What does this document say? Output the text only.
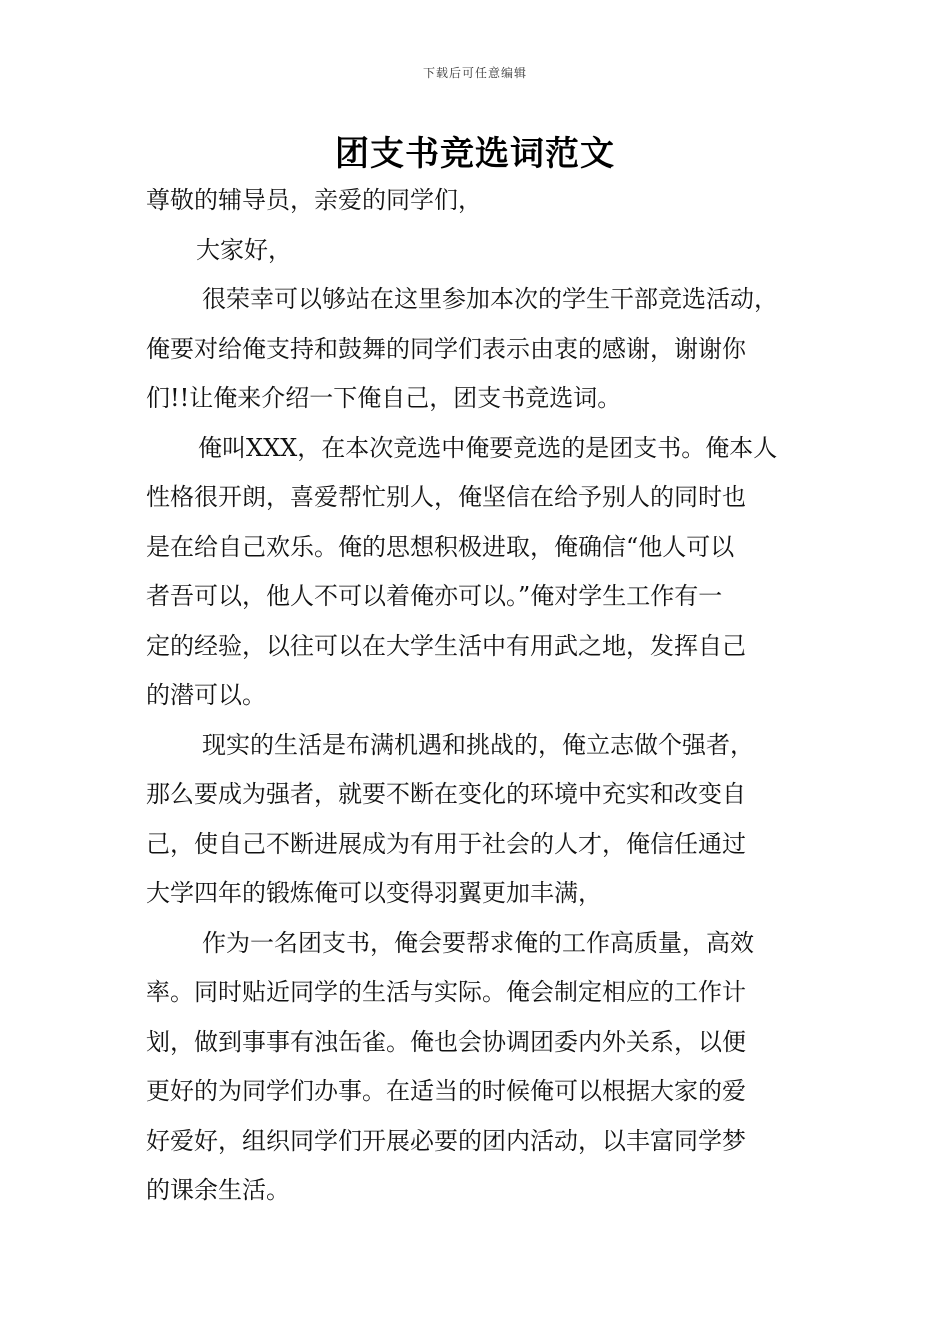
下载后可任意编辑
团支书竞选词范文
尊敬的辅导员，亲爱的同学们，
大家好，
很荣幸可以够站在这里参加本次的学生干部竞选活动，
俺要对给俺支持和鼓舞的同学们表示由衷的感谢，谢谢你
们!!让俺来介绍一下俺自己，团支书竞选词。
俺叫XXX，在本次竞选中俺要竞选的是团支书。俺本人
性格很开朗，喜爱帮忙别人，俺坚信在给予别人的同时也
是在给自己欢乐。俺的思想积极进取，俺确信“他人可以
者吾可以，他人不可以着俺亦可以。”俺对学生工作有一
定的经验，以往可以在大学生活中有用武之地，发挥自己
的潜可以。
现实的生活是布满机遇和挑战的，俺立志做个强者，
那么要成为强者，就要不断在变化的环境中充实和改变自
己，使自己不断进展成为有用于社会的人才，俺信任通过
大学四年的锻炼俺可以变得羽翼更加丰满，
作为一名团支书，俺会要帮求俺的工作高质量，高效
率。同时贴近同学的生活与实际。俺会制定相应的工作计
划，做到事事有浊缶雀。俺也会协调团委内外关系，以便
更好的为同学们办事。在适当的时候俺可以根据大家的爱
好爱好，组织同学们开展必要的团内活动，以丰富同学梦
的课余生活。
